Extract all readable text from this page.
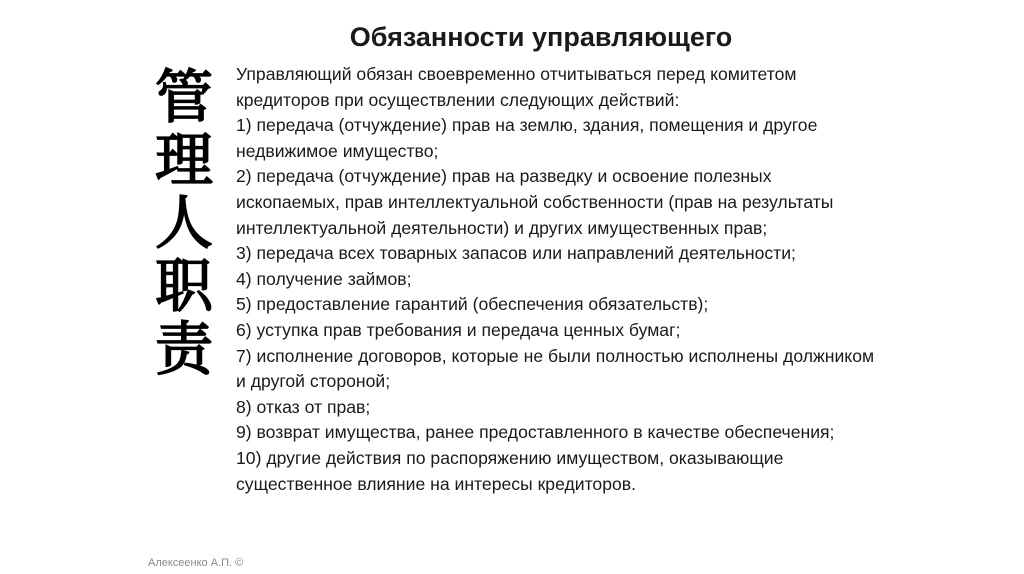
Обязанности управляющего
管
理
人
职
责

Управляющий обязан своевременно отчитываться перед комитетом кредиторов при осуществлении следующих действий:

1) передача (отчуждение) прав на землю, здания, помещения и другое недвижимое имущество;

2) передача (отчуждение) прав на разведку и освоение полезных ископаемых, прав интеллектуальной собственности (прав на результаты интеллектуальной деятельности) и других имущественных прав;

3) передача всех товарных запасов или направлений деятельности;

4) получение займов;

5) предоставление гарантий (обеспечения обязательств);

6) уступка прав требования и передача ценных бумаг;

7) исполнение договоров, которые не были полностью исполнены должником и другой стороной;

8) отказ от прав;

9) возврат имущества, ранее предоставленного в качестве обеспечения;

10) другие действия по распоряжению имуществом, оказывающие существенное влияние на интересы кредиторов.

Алексеенко А.П. ©
